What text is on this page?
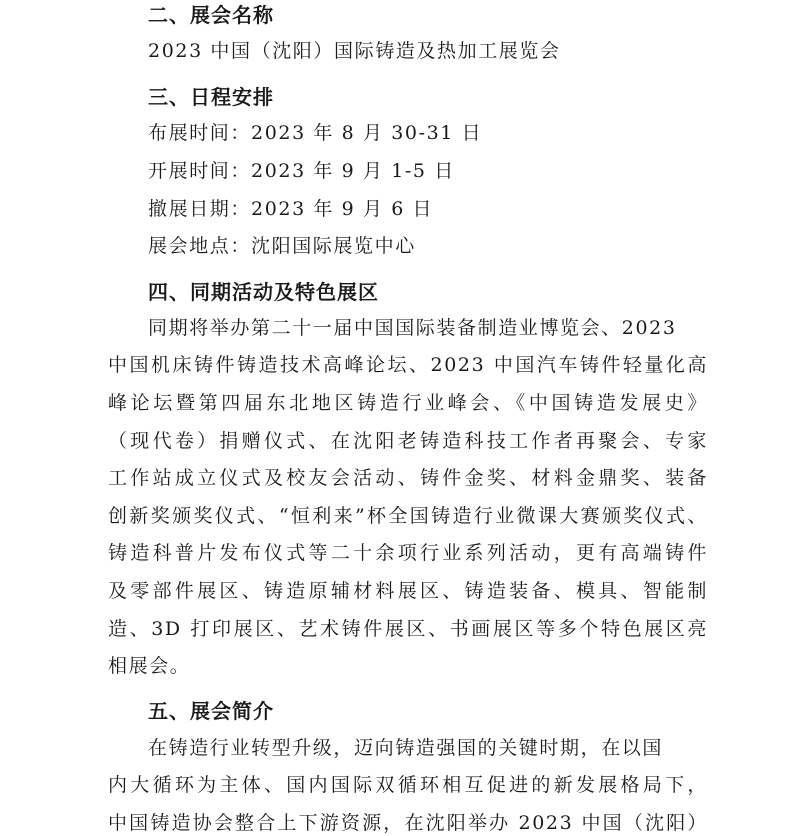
二、展会名称
2023 中国（沈阳）国际铸造及热加工展览会
三、日程安排
布展时间：2023 年 8 月 30-31 日
开展时间：2023 年 9 月 1-5 日
撤展日期：2023 年 9 月 6 日
展会地点：沈阳国际展览中心
四、同期活动及特色展区
同期将举办第二十一届中国国际装备制造业博览会、2023
中国机床铸件铸造技术高峰论坛、2023 中国汽车铸件轻量化高
峰论坛暨第四届东北地区铸造行业峰会、《中国铸造发展史》
（现代卷）捐赠仪式、在沈阳老铸造科技工作者再聚会、专家
工作站成立仪式及校友会活动、铸件金奖、材料金鼎奖、装备
创新奖颁奖仪式、“恒利来”杯全国铸造行业微课大赛颁奖仪式、
铸造科普片发布仪式等二十余项行业系列活动，更有高端铸件
及零部件展区、铸造原辅材料展区、铸造装备、模具、智能制
造、3D 打印展区、艺术铸件展区、书画展区等多个特色展区亮
相展会。
五、展会简介
在铸造行业转型升级，迈向铸造强国的关键时期，在以国
内大循环为主体、国内国际双循环相互促进的新发展格局下，
中国铸造协会整合上下游资源，在沈阳举办 2023 中国（沈阳）
